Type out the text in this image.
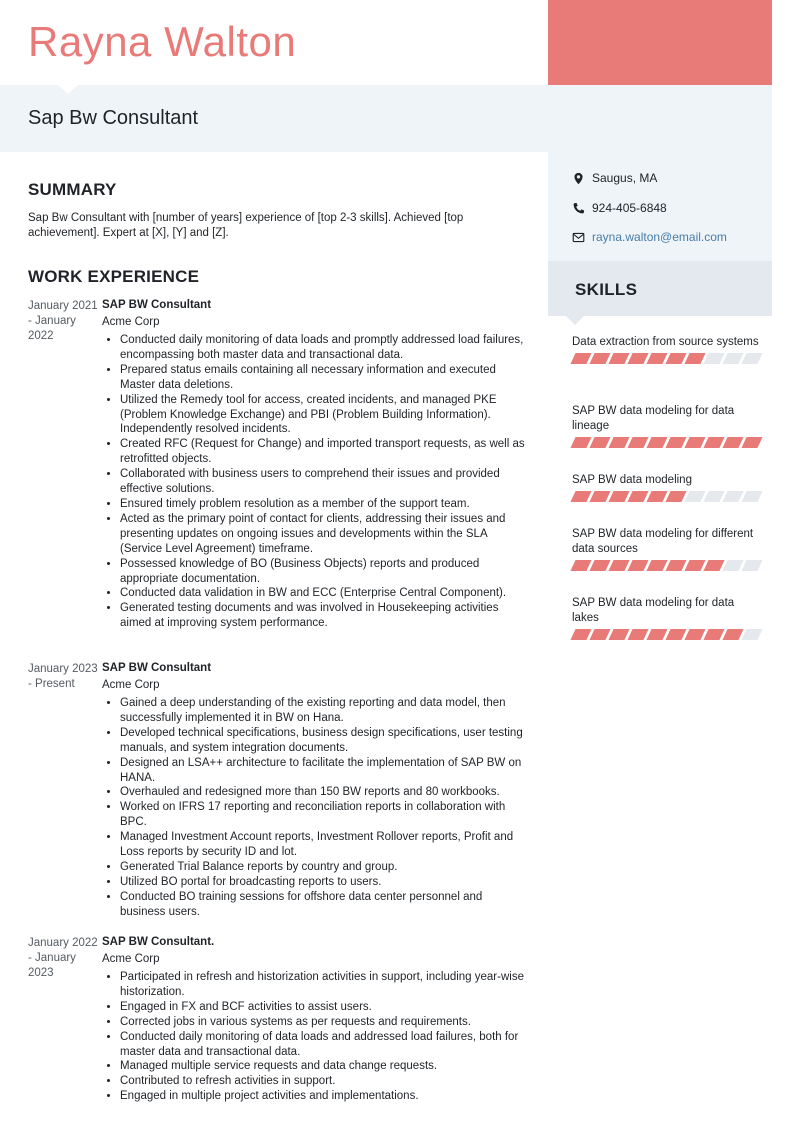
Rayna Walton
Sap Bw Consultant
Saugus, MA
924-405-6848
rayna.walton@email.com
SKILLS
Data extraction from source systems
SAP BW data modeling for data lineage
SAP BW data modeling
SAP BW data modeling for different data sources
SAP BW data modeling for data lakes
SUMMARY
Sap Bw Consultant with [number of years] experience of [top 2-3 skills]. Achieved [top achievement]. Expert at [X], [Y] and [Z].
WORK EXPERIENCE
January 2021 - January 2022
SAP BW Consultant
Acme Corp
• Conducted daily monitoring of data loads and promptly addressed load failures, encompassing both master data and transactional data.
• Prepared status emails containing all necessary information and executed Master data deletions.
• Utilized the Remedy tool for access, created incidents, and managed PKE (Problem Knowledge Exchange) and PBI (Problem Building Information). Independently resolved incidents.
• Created RFC (Request for Change) and imported transport requests, as well as retrofitted objects.
• Collaborated with business users to comprehend their issues and provided effective solutions.
• Ensured timely problem resolution as a member of the support team.
• Acted as the primary point of contact for clients, addressing their issues and presenting updates on ongoing issues and developments within the SLA (Service Level Agreement) timeframe.
• Possessed knowledge of BO (Business Objects) reports and produced appropriate documentation.
• Conducted data validation in BW and ECC (Enterprise Central Component).
• Generated testing documents and was involved in Housekeeping activities aimed at improving system performance.
January 2023 - Present
SAP BW Consultant
Acme Corp
• Gained a deep understanding of the existing reporting and data model, then successfully implemented it in BW on Hana.
• Developed technical specifications, business design specifications, user testing manuals, and system integration documents.
• Designed an LSA++ architecture to facilitate the implementation of SAP BW on HANA.
• Overhauled and redesigned more than 150 BW reports and 80 workbooks.
• Worked on IFRS 17 reporting and reconciliation reports in collaboration with BPC.
• Managed Investment Account reports, Investment Rollover reports, Profit and Loss reports by security ID and lot.
• Generated Trial Balance reports by country and group.
• Utilized BO portal for broadcasting reports to users.
• Conducted BO training sessions for offshore data center personnel and business users.
January 2022 - January 2023
SAP BW Consultant.
Acme Corp
• Participated in refresh and historization activities in support, including year-wise historization.
• Engaged in FX and BCF activities to assist users.
• Corrected jobs in various systems as per requests and requirements.
• Conducted daily monitoring of data loads and addressed load failures, both for master data and transactional data.
• Managed multiple service requests and data change requests.
• Contributed to refresh activities in support.
• Engaged in multiple project activities and implementations.
